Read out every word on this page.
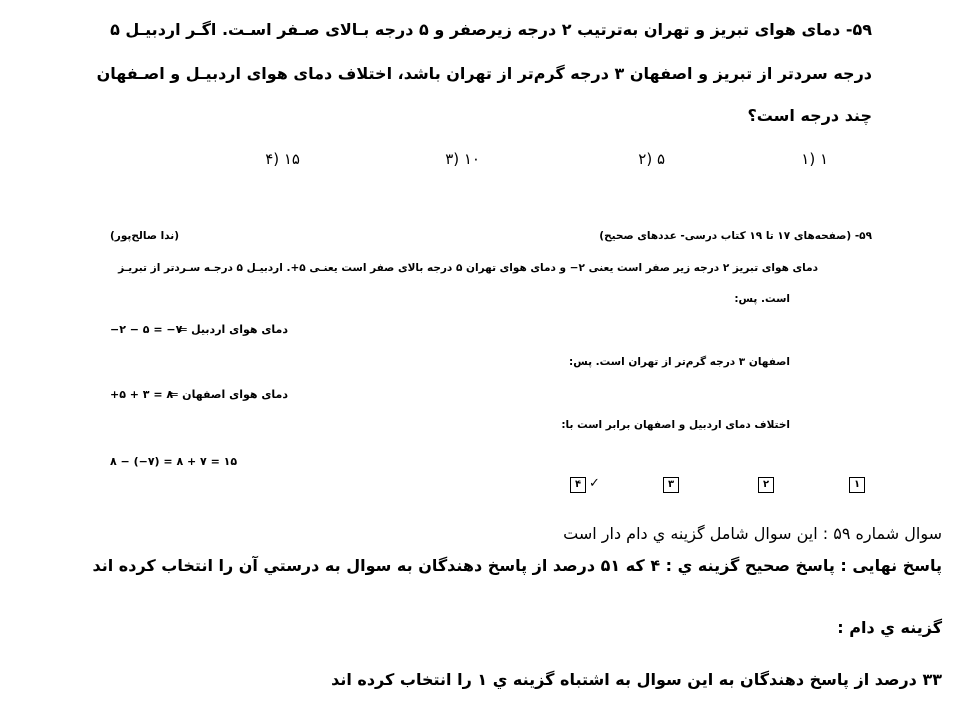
۵۹- دمای هوای تبریز و تهران به‌ترتیب ۲ درجه زیرصفر و ۵ درجه بـالای صـفر اسـت. اگـر اردبیـل ۵
درجه سردتر از تبریز و اصفهان ۳ درجه گرم‌تر از تهران باشد، اختلاف دمای هوای اردبیـل و اصـفهان
چند درجه است؟
۱ (۱
۵ (۲
۱۰ (۳
۱۵ (۴
۵۹- (صفحه‌های ۱۷ تا ۱۹ کتاب درسی- عددهای صحیح)
(ندا صالح‌پور)
دمای هوای تبریز ۲ درجه زیر صفر است یعنی ۲− و دمای هوای تهران ۵ درجه بالای صفر است یعنـی ۵+. اردبیـل ۵ درجـه سـردتر از تبریـز
است. پس:
دمای هوای اردبیل ⇐
−۲ − ۵ = −۷
اصفهان ۳ درجه گرم‌تر از تهران است. پس:
دمای هوای اصفهان ⇐
+۵ + ۳ = ۸
اختلاف دمای اردبیل و اصفهان برابر است با:
۸ − (−۷) = ۸ + ۷ = ۱۵
۱
۲
۳
۴ ✓
سوال شماره ۵۹ : این سوال شامل گزینه ي دام دار است
پاسخ نهایی : پاسخ صحیح گزینه ي : ۴ که ۵۱ درصد از پاسخ دهندگان به سوال به درستي آن را انتخاب کرده اند
گزینه ي دام :
۳۳ درصد از پاسخ دهندگان به این سوال به اشتباه گزینه ي ۱ را انتخاب کرده اند
